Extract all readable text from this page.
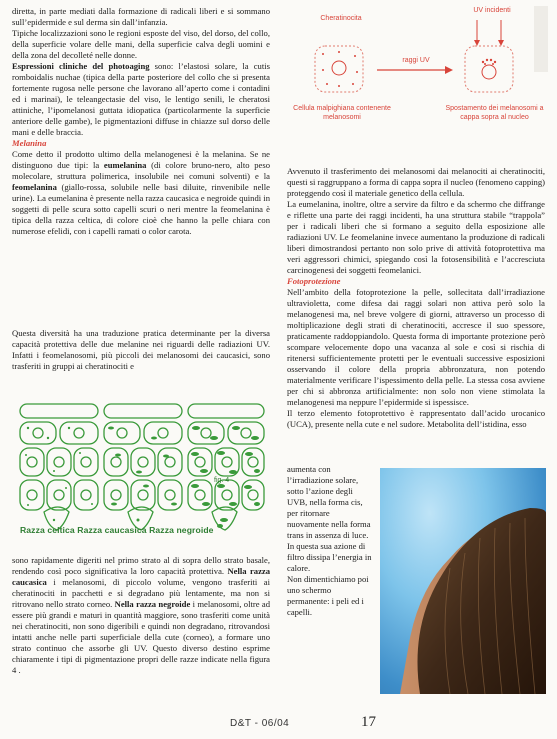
diretta, in parte mediati dalla formazione di radicali liberi e si sommano sull’epidermide e sul derma sin dall’infanzia.

Tipiche localizzazioni sono le regioni esposte del viso, del dorso, del collo, della superficie volare delle mani, della superficie calva degli uomini e della zona del decolleté nelle donne.

Espressioni cliniche del photoaging sono: l’elastosi solare, la cutis romboidalis nuchae (tipica della parte posteriore del collo che si presenta fortemente rugosa nelle persone che lavorano all’aperto come i contadini ed i marinai), le teleangectasie del viso, le lentigo senili, le cheratosi attiniche, l’ipomelanosi guttata idiopatica (particolarmente la superficie anteriore delle gambe), le pigmentazioni diffuse in chiazze sul dorso delle mani e delle braccia.

Melanina

Come detto il prodotto ultimo della melanogenesi è la melanina. Se ne distinguono due tipi: la eumelanina (di colore bruno-nero, alto peso molecolare, struttura polimerica, insolubile nei comuni solventi) e la feomelanina (giallo-rossa, solubile nelle basi diluite, rinvenibile nelle urine). La eumelanina è presente nella razza caucasica e negroide quindi in soggetti di pelle scura sotto capelli scuri o neri mentre la feomelanina è tipica della razza celtica, di colore cioè che hanno la pelle chiara con numerose efelidi, con i capelli ramati o color carota.

Questa diversità ha una traduzione pratica determinante per la diversa capacità protettiva delle due melanine nei riguardi delle radiazioni UV. Infatti i feomelanosomi, più piccoli dei melanosomi dei caucasici, sono trasferiti in gruppi ai cheratinociti e

fig. 4
Razza celtica Razza caucasica Razza negroide

sono rapidamente digeriti nel primo strato al di sopra dello strato basale, rendendo così poco significativa la loro capacità protettiva. Nella razza caucasica i melanosomi, di piccolo volume, vengono trasferiti ai cheratinociti in pacchetti e si degradano più lentamente, ma non si ritrovano nello strato corneo. Nella razza negroide i melanosomi, oltre ad essere più grandi e maturi in quantità maggiore, sono trasferiti come unità nei cheratinociti, non sono digeribili e quindi non degradano, ritrovandosi intatti anche nelle parti superficiale della cute (corneo), a formare uno strato continuo che assorbe gli UV. Questo diverso destino esprime chiaramente i tipi di pigmentazione propri delle razze indicate nella figura 4 .

Cheratinocita
UV incidenti
raggi UV
Cellula malpighiana contenente melanosomi
Spostamento dei melanosomi a cappa sopra al nucleo

Avvenuto il trasferimento dei melanosomi dai melanociti ai cheratinociti, questi si raggruppano a forma di cappa sopra il nucleo (fenomeno capping) proteggendo così il materiale genetico della cellula.

La eumelanina, inoltre, oltre a servire da filtro e da schermo che diffrange e riflette una parte dei raggi incidenti, ha una struttura stabile “trappola” per i radicali liberi che si formano a seguito della esposizione alle radiazioni UV. Le feomelanine invece aumentano la produzione di radicali liberi dimostrandosi pertanto non solo prive di attività fotoprotettiva ma veri aggressori chimici, spiegando così la fotosensibilità e l’accresciuta carcinogenesi dei soggetti feomelanici.

Fotoprotezione

Nell’ambito della fotoprotezione la pelle, sollecitata dall’irradiazione ultravioletta, come difesa dai raggi solari non attiva però solo la melanogenesi ma, nel breve volgere di giorni, attraverso un processo di moltiplicazione degli strati di cheratinociti, accresce il suo spessore, praticamente raddoppiandolo. Questa forma di importante protezione però scompare velocemente dopo una vacanza al sole e così si rischia di ritenersi sufficientemente protetti per le eventuali successive esposizioni osservando il colore della propria abbronzatura, non potendo materialmente verificare l’ispessimento della pelle. La stessa cosa avviene per chi si abbronza artificialmente: non solo non viene stimolata la melanogenesi ma neppure l’epidermide si ispessisce.

Il terzo elemento fotoprotettivo è rappresentato dall’acido urocanico (UCA), presente nella cute e nel sudore. Metabolita dell’istidina, esso

aumenta con l’irradiazione solare, sotto l’azione degli UVB, nella forma cis, per ritornare nuovamente nella forma trans in assenza di luce.

In questa sua azione di filtro dissipa l’energia in calore.

Non dimentichiamo poi uno schermo permanente: i peli ed i capelli.

D&T - 06/04	17
